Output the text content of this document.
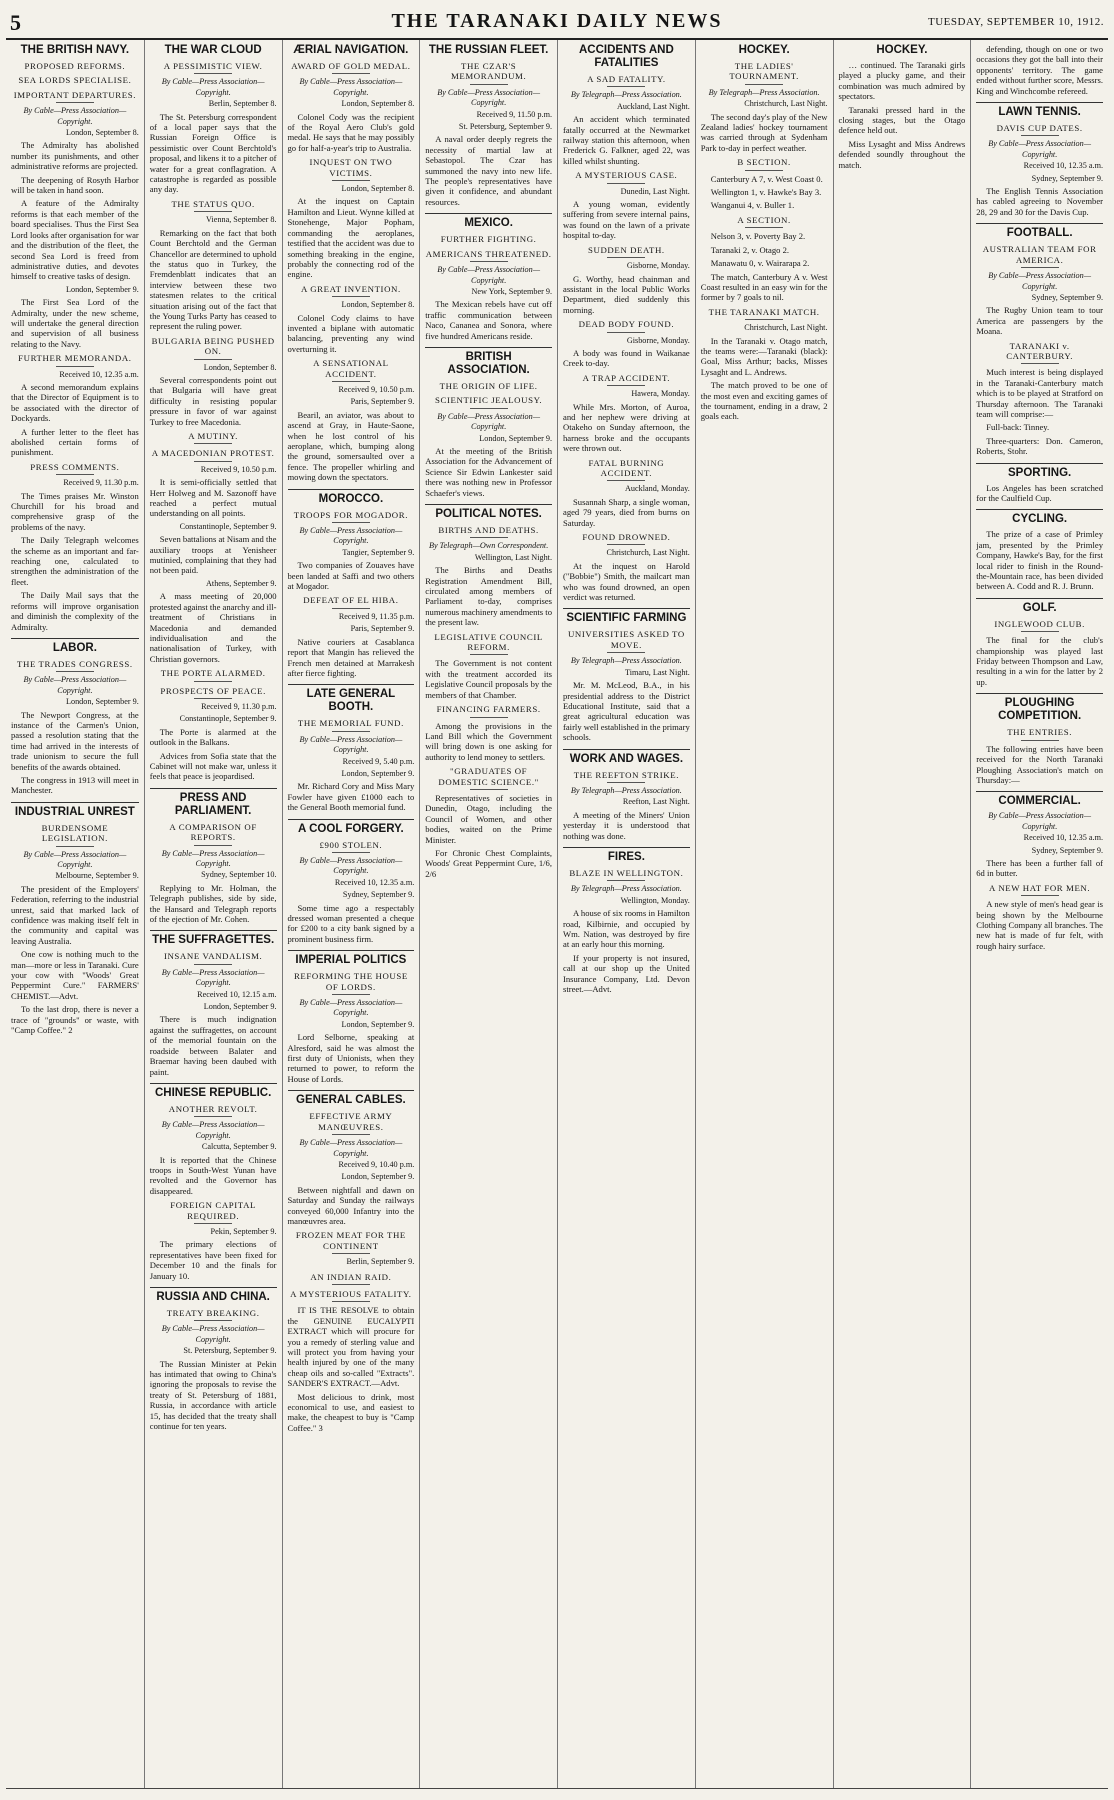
5	THE TARANAKI DAILY NEWS	TUESDAY, SEPTEMBER 10, 1912.
THE BRITISH NAVY.
PROPOSED REFORMS.
SEA LORDS SPECIALISE.
IMPORTANT DEPARTURES.
By Cable—Press Association—Copyright.
London, September 8.
The Admiralty has abolished number its punishments, and other administrative reforms are projected.
The deepening of Rosyth Harbor will be taken in hand soon.
A feature of the Admiralty reforms is that each member of the board specialises. Thus the First Sea Lord looks after organisation for war and the distribution of the fleet, the second Sea Lord is freed from administrative duties, and devotes himself to creative tasks of design.
London, September 9.
The First Sea Lord of the Admiralty, under the new scheme, will undertake the general direction and supervision of all business relating to the Navy.
FURTHER MEMORANDA.
Received 10, 12.35 a.m.
A second memorandum explains that the Director of Equipment is to be associated with the director of Dockyards.
A further letter to the fleet has abolished certain forms of punishment.
PRESS COMMENTS.
Received 9, 11.30 p.m.
The Times praises Mr. Winston Churchill for his broad and comprehensive grasp of the problems of the navy.
The Daily Telegraph welcomes the scheme as an important and far-reaching one, calculated to strengthen the administration of the fleet.
The Daily Mail says that the reforms will improve organisation and diminish the complexity of the Admiralty.
LABOR.
THE TRADES CONGRESS.
By Cable—Press Association—Copyright.
London, September 9.
The Newport Congress, at the instance of the Carmen's Union, passed a resolution stating that the time had arrived in the interests of trade unionism to secure the full benefits of the awards obtained.
The congress in 1913 will meet in Manchester.
INDUSTRIAL UNREST
BURDENSOME LEGISLATION.
By Cable—Press Association—Copyright.
Melbourne, September 9.
The president of the Employers' Federation, referring to the industrial unrest, said that marked lack of confidence was making itself felt in the community and capital was leaving Australia.
One cow is nothing much to the man—more or less in Taranaki. Cure your cow with "Woods' Great Peppermint Cure." FARMERS' CHEMIST.—Advt.
To the last drop, there is never a trace of "grounds" or waste, with "Camp Coffee." 2
THE WAR CLOUD
A PESSIMISTIC VIEW.
By Cable—Press Association—Copyright.
Berlin, September 8.
The St. Petersburg correspondent of a local paper says that the Russian Foreign Office is pessimistic over Count Berchtold's proposal, and likens it to a pitcher of water for a great conflagration. A catastrophe is regarded as possible any day.
THE STATUS QUO.
Vienna, September 8.
Remarking on the fact that both Count Berchtold and the German Chancellor are determined to uphold the status quo in Turkey, the Fremdenblatt indicates that an interview between these two statesmen relates to the critical situation arising out of the fact that the Young Turks Party has ceased to represent the ruling power.
BULGARIA BEING PUSHED ON.
London, September 8.
Several correspondents point out that Bulgaria will have great difficulty in resisting popular pressure in favor of war against Turkey to free Macedonia.
A MUTINY.
A MACEDONIAN PROTEST.
Received 9, 10.50 p.m.
It is semi-officially settled that Herr Holweg and M. Sazonoff have reached a perfect mutual understanding on all points.
Constantinople, September 9.
Seven battalions at Nisam and the auxiliary troops at Yenisheer mutinied, complaining that they had not been paid.
Athens, September 9.
A mass meeting of 20,000 protested against the anarchy and ill-treatment of Christians in Macedonia and demanded individualisation and the nationalisation of Turkey, with Christian governors.
THE PORTE ALARMED.
PROSPECTS OF PEACE.
Received 9, 11.30 p.m.
Constantinople, September 9.
The Porte is alarmed at the outlook in the Balkans.
Advices from Sofia state that the Cabinet will not make war, unless it feels that peace is jeopardised.
PRESS AND PARLIAMENT.
A COMPARISON OF REPORTS.
By Cable—Press Association—Copyright.
Sydney, September 10.
Replying to Mr. Holman, the Telegraph publishes, side by side, the Hansard and Telegraph reports of the ejection of Mr. Cohen.
THE SUFFRAGETTES.
INSANE VANDALISM.
By Cable—Press Association—Copyright.
Received 10, 12.15 a.m.
London, September 9.
There is much indignation against the suffragettes, on account of the memorial fountain on the roadside between Balater and Braemar having been daubed with paint.
CHINESE REPUBLIC.
ANOTHER REVOLT.
By Cable—Press Association—Copyright.
Calcutta, September 9.
It is reported that the Chinese troops in South-West Yunan have revolted and the Governor has disappeared.
FOREIGN CAPITAL REQUIRED.
Pekin, September 9.
The primary elections of representatives have been fixed for December 10 and the finals for January 10.
RUSSIA AND CHINA.
TREATY BREAKING.
By Cable—Press Association—Copyright.
St. Petersburg, September 9.
The Russian Minister at Pekin has intimated that owing to China's ignoring the proposals to revise the treaty of St. Petersburg of 1881, Russia, in accordance with article 15, has decided that the treaty shall continue for ten years.
ÆRIAL NAVIGATION.
AWARD OF GOLD MEDAL.
By Cable—Press Association—Copyright.
London, September 8.
Colonel Cody was the recipient of the Royal Aero Club's gold medal. He says that he may possibly go for half-a-year's trip to Australia.
INQUEST ON TWO VICTIMS.
London, September 8.
At the inquest on Captain Hamilton and Lieut. Wynne killed at Stonehenge, Major Popham, commanding the aeroplanes, testified that the accident was due to something breaking in the engine, probably the connecting rod of the engine.
A GREAT INVENTION.
London, September 8.
Colonel Cody claims to have invented a biplane with automatic balancing, preventing any wind overturning it.
A SENSATIONAL ACCIDENT.
Received 9, 10.50 p.m.
Paris, September 9.
Bearil, an aviator, was about to ascend at Gray, in Haute-Saone, when he lost control of his aeroplane, which, bumping along the ground, somersaulted over a fence. The propeller whirling and mowing down the spectators.
MOROCCO.
TROOPS FOR MOGADOR.
By Cable—Press Association—Copyright.
Tangier, September 9.
Two companies of Zouaves have been landed at Saffi and two others at Mogador.
DEFEAT OF EL HIBA.
Received 9, 11.35 p.m.
Paris, September 9.
Native couriers at Casablanca report that Mangin has relieved the French men detained at Marrakesh after fierce fighting.
LATE GENERAL BOOTH.
THE MEMORIAL FUND.
By Cable—Press Association—Copyright.
Received 9, 5.40 p.m.
London, September 9.
Mr. Richard Cory and Miss Mary Fowler have given £1000 each to the General Booth memorial fund.
A COOL FORGERY.
£900 STOLEN.
By Cable—Press Association—Copyright.
Received 10, 12.35 a.m.
Sydney, September 9.
Some time ago a respectably dressed woman presented a cheque for £200 to a city bank signed by a prominent business firm.
IMPERIAL POLITICS
REFORMING THE HOUSE OF LORDS.
By Cable—Press Association—Copyright.
London, September 9.
Lord Selborne, speaking at Alresford, said he was almost the first duty of Unionists, when they returned to power, to reform the House of Lords.
GENERAL CABLES.
EFFECTIVE ARMY MANŒUVRES.
By Cable—Press Association—Copyright.
Received 9, 10.40 p.m.
London, September 9.
Between nightfall and dawn on Saturday and Sunday the railways conveyed 60,000 Infantry into the manœuvres area.
FROZEN MEAT FOR THE CONTINENT
Berlin, September 9.
AN INDIAN RAID.
A MYSTERIOUS FATALITY.
IT IS THE RESOLVE to obtain the GENUINE EUCALYPTI EXTRACT which will procure for you a remedy of sterling value and will protect you from having your health injured by one of the many cheap oils and so-called "Extracts". SANDER'S EXTRACT.—Advt.
Most delicious to drink, most economical to use, and easiest to make, the cheapest to buy is "Camp Coffee." 3
THE RUSSIAN FLEET.
THE CZAR'S MEMORANDUM.
By Cable—Press Association—Copyright.
Received 9, 11.50 p.m.
St. Petersburg, September 9.
A naval order deeply regrets the necessity of martial law at Sebastopol. The Czar has summoned the navy into new life. The people's representatives have given it confidence, and abundant resources.
MEXICO.
FURTHER FIGHTING.
AMERICANS THREATENED.
By Cable—Press Association—Copyright.
New York, September 9.
The Mexican rebels have cut off traffic communication between Naco, Cananea and Sonora, where five hundred Americans reside.
BRITISH ASSOCIATION.
THE ORIGIN OF LIFE.
SCIENTIFIC JEALOUSY.
By Cable—Press Association—Copyright.
London, September 9.
At the meeting of the British Association for the Advancement of Science Sir Edwin Lankester said there was nothing new in Professor Schaefer's views.
POLITICAL NOTES.
BIRTHS AND DEATHS.
By Telegraph—Own Correspondent.
Wellington, Last Night.
The Births and Deaths Registration Amendment Bill, circulated among members of Parliament to-day, comprises numerous machinery amendments to the present law.
LEGISLATIVE COUNCIL REFORM.
The Government is not content with the treatment accorded its Legislative Council proposals by the members of that Chamber.
FINANCING FARMERS.
Among the provisions in the Land Bill which the Government will bring down is one asking for authority to lend money to settlers.
"GRADUATES OF DOMESTIC SCIENCE."
Representatives of societies in Dunedin, Otago, including the Council of Women, and other bodies, waited on the Prime Minister.
For Chronic Chest Complaints, Woods' Great Peppermint Cure, 1/6, 2/6
ACCIDENTS AND FATALITIES
A SAD FATALITY.
By Telegraph—Press Association.
Auckland, Last Night.
An accident which terminated fatally occurred at the Newmarket railway station this afternoon, when Frederick G. Falkner, aged 22, was killed whilst shunting.
A MYSTERIOUS CASE.
Dunedin, Last Night.
A young woman, evidently suffering from severe internal pains, was found on the lawn of a private hospital to-day.
SUDDEN DEATH.
Gisborne, Monday.
G. Worthy, head chainman and assistant in the local Public Works Department, died suddenly this morning.
DEAD BODY FOUND.
Gisborne, Monday.
A body was found in Waikanae Creek to-day.
A TRAP ACCIDENT.
Hawera, Monday.
While Mrs. Morton, of Auroa, and her nephew were driving at Otakeho on Sunday afternoon, the harness broke and the occupants were thrown out.
FATAL BURNING ACCIDENT.
Auckland, Monday.
Susannah Sharp, a single woman, aged 79 years, died from burns on Saturday.
FOUND DROWNED.
Christchurch, Last Night.
At the inquest on Harold ("Bobbie") Smith, the mailcart man who was found drowned, an open verdict was returned.
SCIENTIFIC FARMING
UNIVERSITIES ASKED TO MOVE.
By Telegraph—Press Association.
Timaru, Last Night.
Mr. M. McLeod, B.A., in his presidential address to the District Educational Institute, said that a great agricultural education was fairly well established in the primary schools.
WORK AND WAGES.
THE REEFTON STRIKE.
By Telegraph—Press Association.
Reefton, Last Night.
A meeting of the Miners' Union yesterday it is understood that nothing was done.
FIRES.
BLAZE IN WELLINGTON.
By Telegraph—Press Association.
Wellington, Monday.
A house of six rooms in Hamilton road, Kilbirnie, and occupied by Wm. Nation, was destroyed by fire at an early hour this morning.
If your property is not insured, call at our shop up the United Insurance Company, Ltd. Devon street.—Advt.
HOCKEY.
THE LADIES' TOURNAMENT.
By Telegraph—Press Association.
Christchurch, Last Night.
The second day's play of the New Zealand ladies' hockey tournament was carried through at Sydenham Park to-day in perfect weather.
B SECTION.
Canterbury A 7, v. West Coast 0.
Wellington 1, v. Hawke's Bay 3.
Wanganui 4, v. Buller 1.
A SECTION.
Nelson 3, v. Poverty Bay 2.
Taranaki 2, v. Otago 2.
Manawatu 0, v. Wairarapa 2.
The match, Canterbury A v. West Coast resulted in an easy win for the former by 7 goals to nil.
THE TARANAKI MATCH.
Christchurch, Last Night.
In the Taranaki v. Otago match, the teams were:—Taranaki (black): Goal, Miss Arthur; backs, Misses Lysaght and L. Andrews.
The match proved to be one of the most even and exciting games of the tournament, ending in a draw, 2 goals each.
HOCKEY.
… continued. The Taranaki girls played a plucky game, and their combination was much admired by spectators.
Taranaki pressed hard in the closing stages, but the Otago defence held out.
Miss Lysaght and Miss Andrews defended soundly throughout the match.
defending, though on one or two occasions they got the ball into their opponents' territory. The game ended without further score, Messrs. King and Winchcombe refereed.
LAWN TENNIS.
DAVIS CUP DATES.
By Cable—Press Association—Copyright.
Received 10, 12.35 a.m.
Sydney, September 9.
The English Tennis Association has cabled agreeing to November 28, 29 and 30 for the Davis Cup.
FOOTBALL.
AUSTRALIAN TEAM FOR AMERICA.
By Cable—Press Association—Copyright.
Sydney, September 9.
The Rugby Union team to tour America are passengers by the Moana.
TARANAKI v. CANTERBURY.
Much interest is being displayed in the Taranaki-Canterbury match which is to be played at Stratford on Thursday afternoon. The Taranaki team will comprise:—
Full-back: Tinney.
Three-quarters: Don. Cameron, Roberts, Stohr.
SPORTING.
Los Angeles has been scratched for the Caulfield Cup.
CYCLING.
The prize of a case of Primley jam, presented by the Primley Company, Hawke's Bay, for the first local rider to finish in the Round-the-Mountain race, has been divided between A. Codd and R. J. Brunn.
GOLF.
INGLEWOOD CLUB.
The final for the club's championship was played last Friday between Thompson and Law, resulting in a win for the latter by 2 up.
PLOUGHING COMPETITION.
THE ENTRIES.
The following entries have been received for the North Taranaki Ploughing Association's match on Thursday:—
COMMERCIAL.
By Cable—Press Association—Copyright.
Received 10, 12.35 a.m.
Sydney, September 9.
There has been a further fall of 6d in butter.
A NEW HAT FOR MEN.
A new style of men's head gear is being shown by the Melbourne Clothing Company all branches. The new hat is made of fur felt, with rough hairy surface.
